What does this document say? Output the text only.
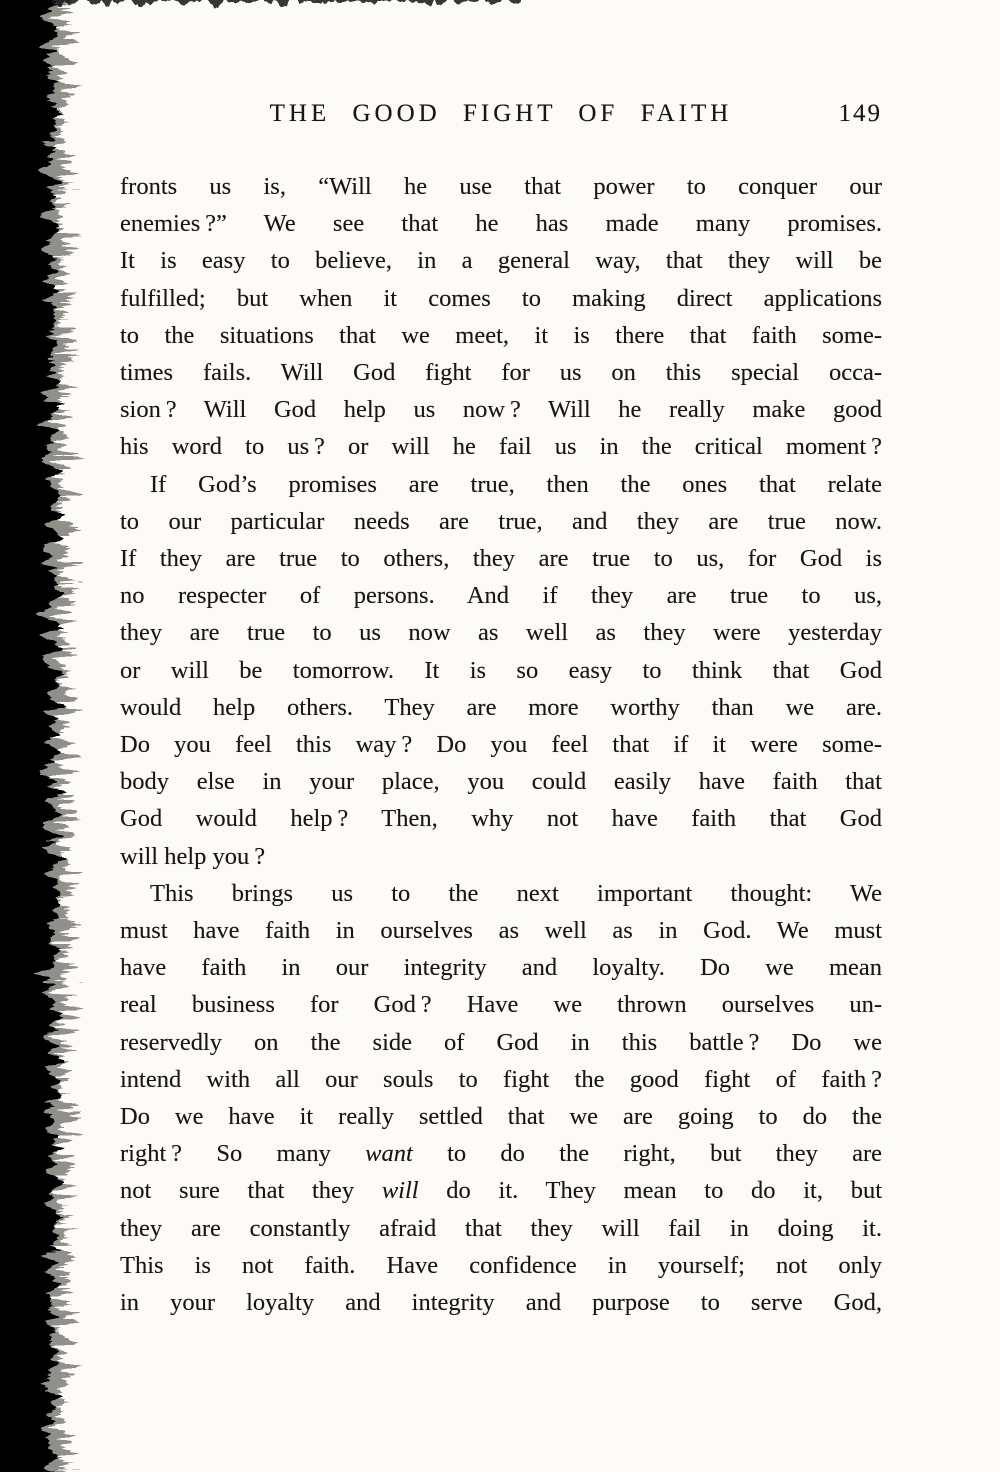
THE GOOD FIGHT OF FAITH	149
fronts us is, “Will he use that power to conquer our
enemies ?” We see that he has made many promises.
It is easy to believe, in a general way, that they will be
fulfilled; but when it comes to making direct applications
to the situations that we meet, it is there that faith some-
times fails. Will God fight for us on this special occa-
sion ? Will God help us now ? Will he really make good
his word to us ? or will he fail us in the critical moment ?
If God’s promises are true, then the ones that relate
to our particular needs are true, and they are true now.
If they are true to others, they are true to us, for God is
no respecter of persons. And if they are true to us,
they are true to us now as well as they were yesterday
or will be tomorrow. It is so easy to think that God
would help others. They are more worthy than we are.
Do you feel this way ? Do you feel that if it were some-
body else in your place, you could easily have faith that
God would help ? Then, why not have faith that God
will help you ?
This brings us to the next important thought: We
must have faith in ourselves as well as in God. We must
have faith in our integrity and loyalty. Do we mean
real business for God ? Have we thrown ourselves un-
reservedly on the side of God in this battle ? Do we
intend with all our souls to fight the good fight of faith ?
Do we have it really settled that we are going to do the
right ? So many want to do the right, but they are
not sure that they will do it. They mean to do it, but
they are constantly afraid that they will fail in doing it.
This is not faith. Have confidence in yourself; not only
in your loyalty and integrity and purpose to serve God,
